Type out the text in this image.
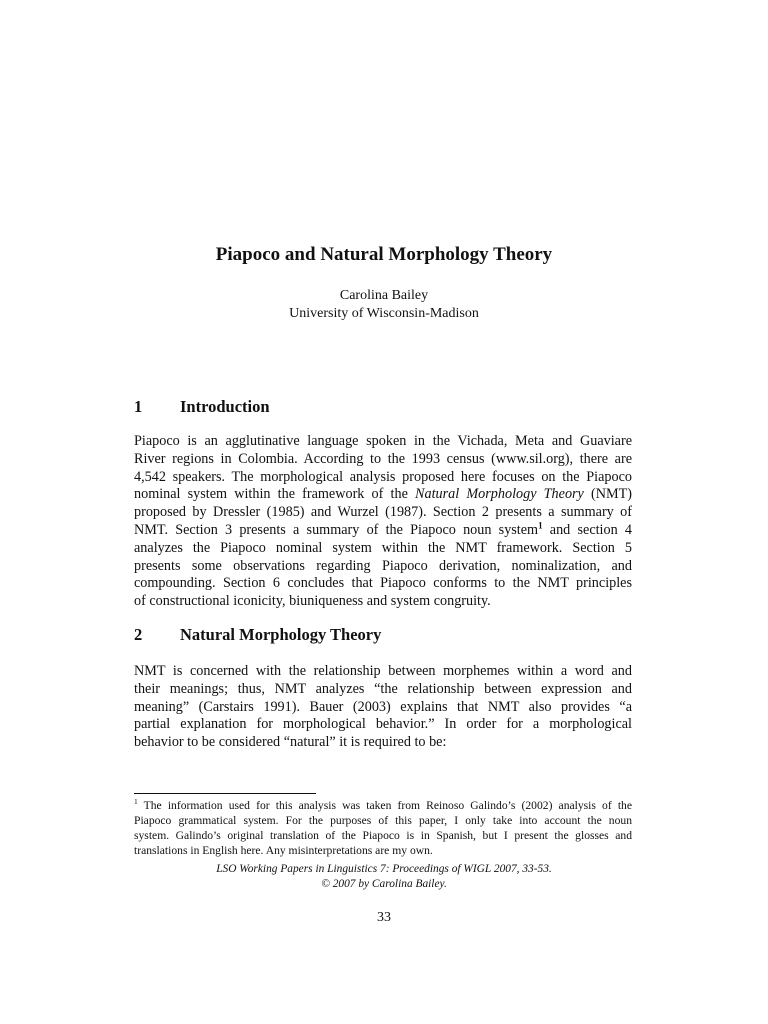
Piapoco and Natural Morphology Theory
Carolina Bailey
University of Wisconsin-Madison
1 Introduction
Piapoco is an agglutinative language spoken in the Vichada, Meta and Guaviare
River regions in Colombia. According to the 1993 census (www.sil.org), there are
4,542 speakers. The morphological analysis proposed here focuses on the Piapoco
nominal system within the framework of the Natural Morphology Theory (NMT)
proposed by Dressler (1985) and Wurzel (1987). Section 2 presents a summary of
NMT. Section 3 presents a summary of the Piapoco noun system$^1$ and section 4
analyzes the Piapoco nominal system within the NMT framework. Section 5
presents some observations regarding Piapoco derivation, nominalization, and
compounding. Section 6 concludes that Piapoco conforms to the NMT principles
of constructional iconicity, biuniqueness and system congruity.
2 Natural Morphology Theory
NMT is concerned with the relationship between morphemes within a word and
their meanings; thus, NMT analyzes “the relationship between expression and
meaning” (Carstairs 1991). Bauer (2003) explains that NMT also provides “a
partial explanation for morphological behavior.” In order for a morphological
behavior to be considered “natural” it is required to be:
$^1$ The information used for this analysis was taken from Reinoso Galindo’s (2002) analysis of the
Piapoco grammatical system. For the purposes of this paper, I only take into account the noun
system. Galindo’s original translation of the Piapoco is in Spanish, but I present the glosses and
translations in English here. Any misinterpretations are my own.
LSO Working Papers in Linguistics 7: Proceedings of WIGL 2007, 33-53.
© 2007 by Carolina Bailey.
33
